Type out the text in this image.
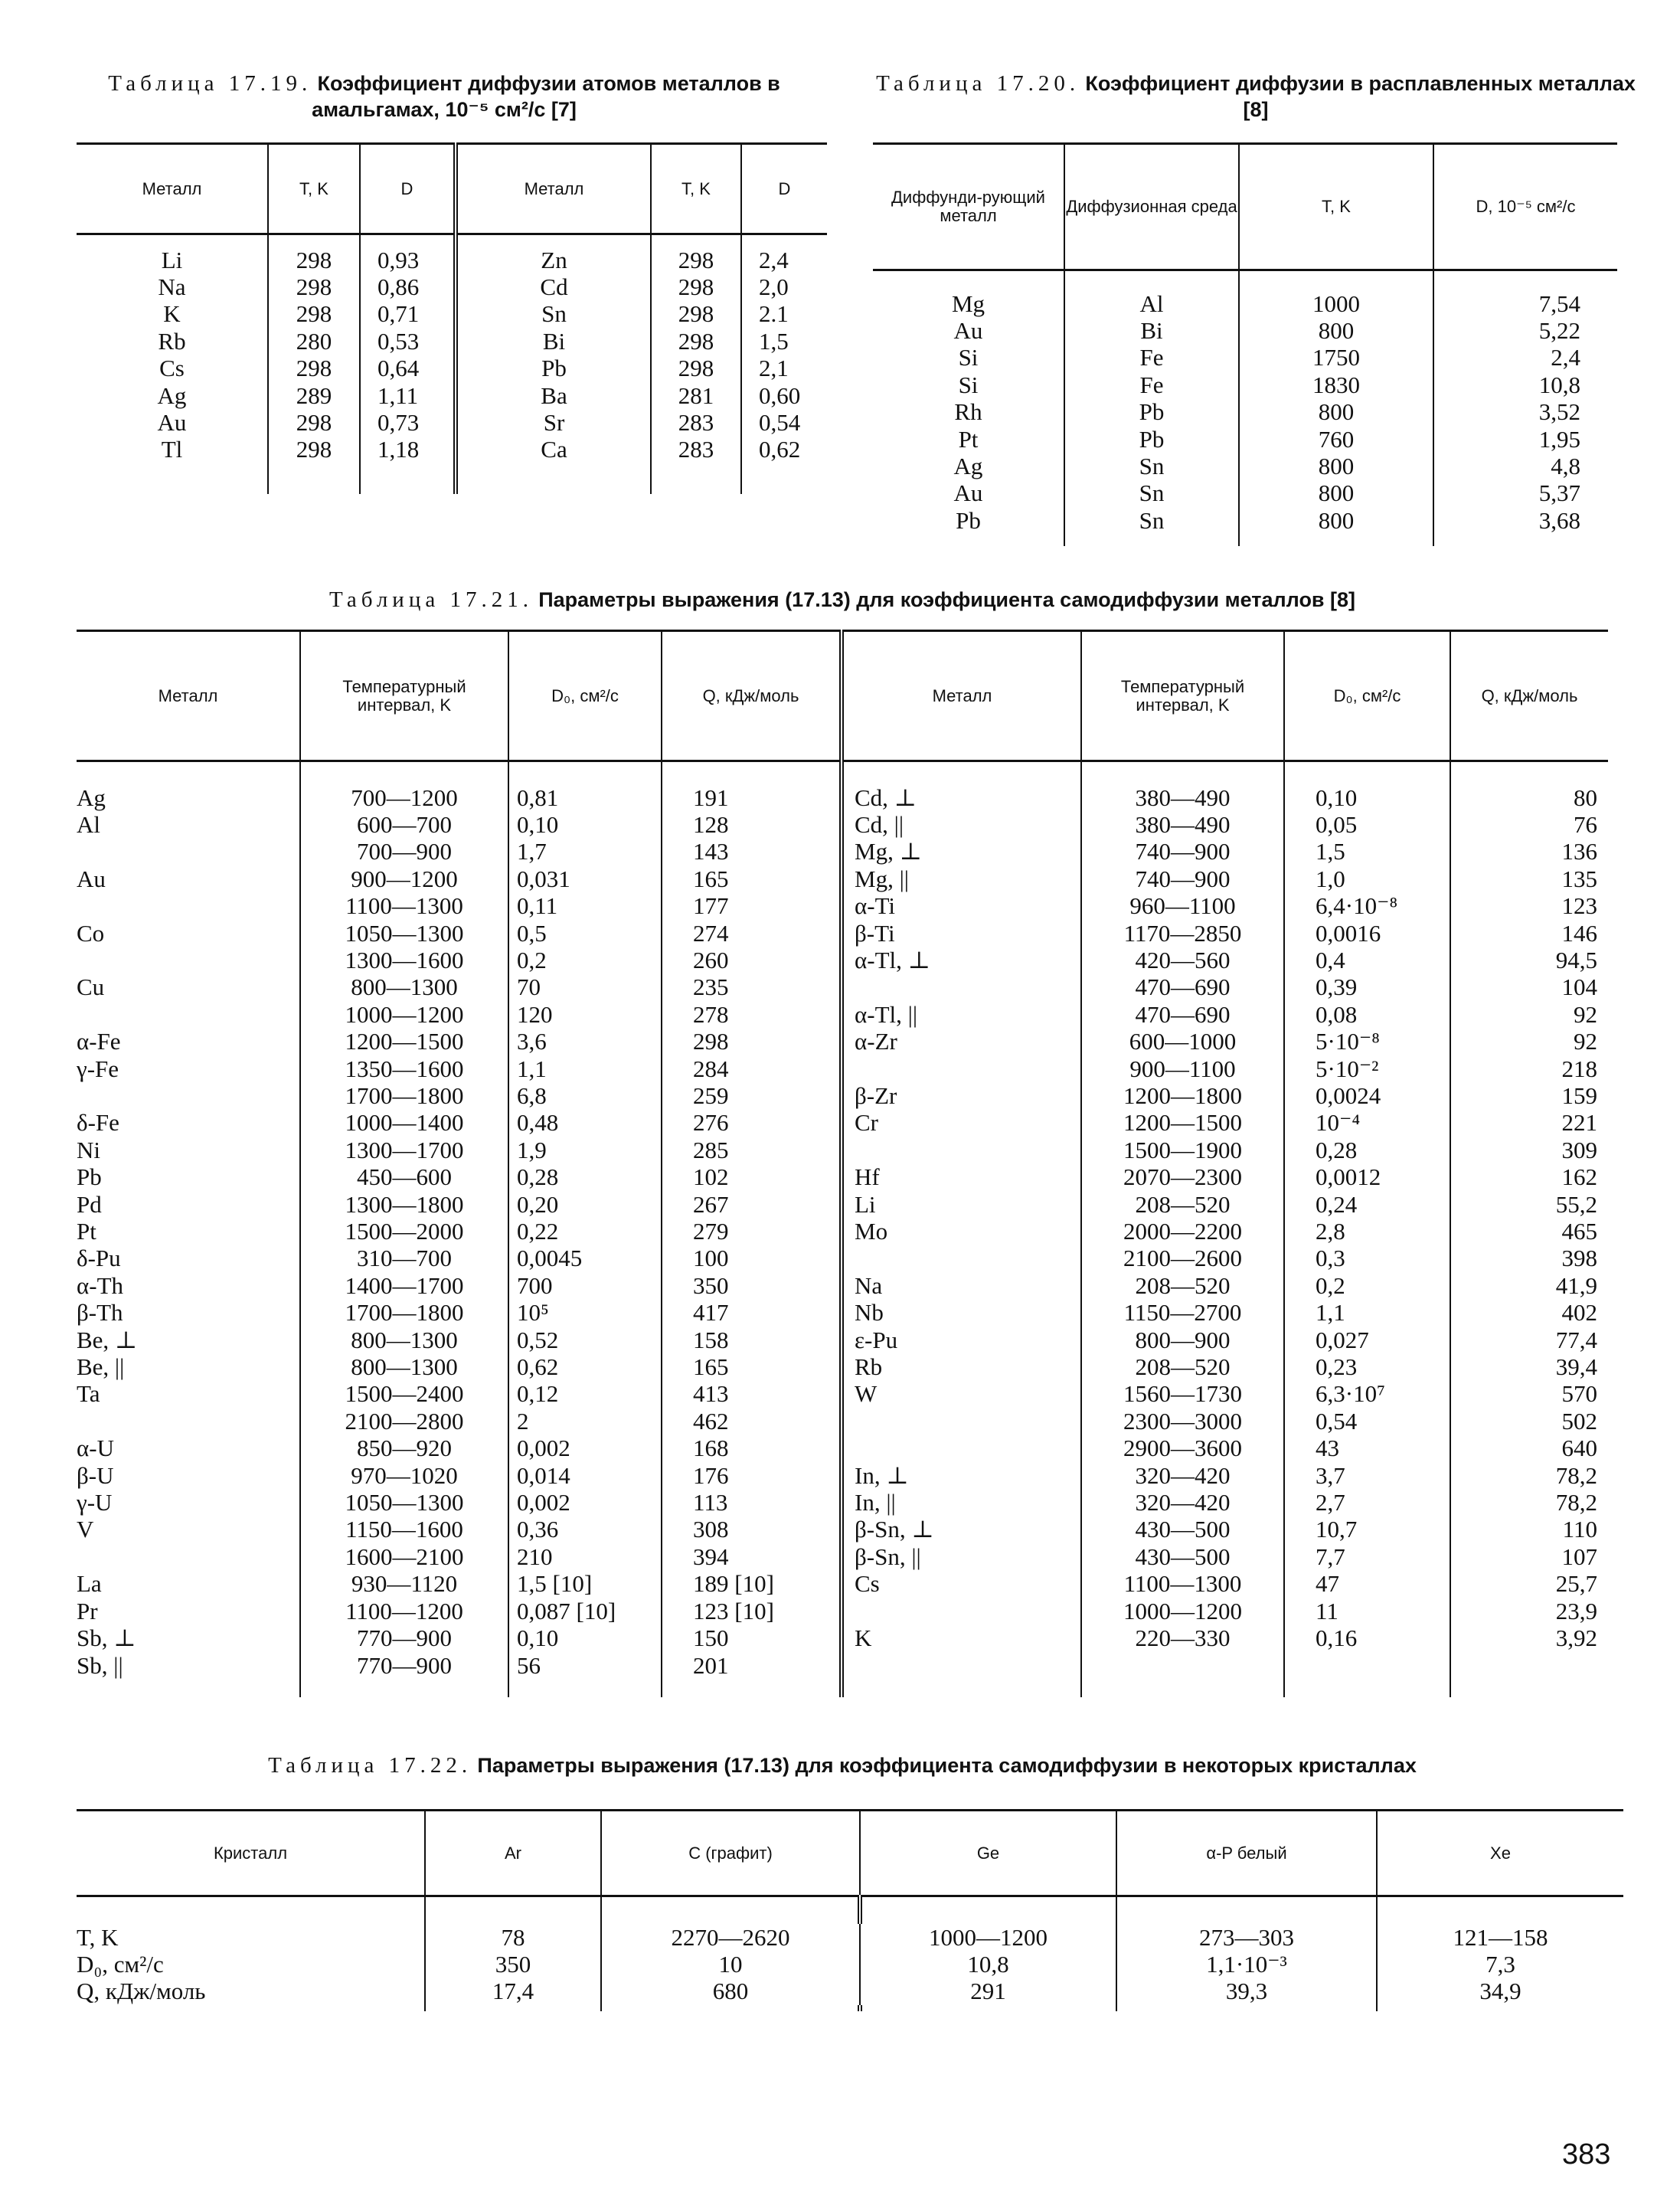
Таблица 17.19. Коэффициент диффузии атомов металлов в амальгамах, 10⁻⁵ см²/с [7]
Металл	T, K	D	Металл	T, K	D

Li	298	0,93	Zn	298	2,4
Na	298	0,86	Cd	298	2,0
K	298	0,71	Sn	298	2.1
Rb	280	0,53	Bi	298	1,5
Cs	298	0,64	Pb	298	2,1
Ag	289	1,11	Ba	281	0,60
Au	298	0,73	Sr	283	0,54
Tl	298	1,18	Ca	283	0,62

Таблица 17.20. Коэффициент диффузии в расплавленных металлах [8]
Диффунди-рующий металл	Диффузионная среда	T, K	D, 10⁻⁵ см²/с

Mg	Al	1000	7,54
Au	Bi	800	5,22
Si	Fe	1750	2,4
Si	Fe	1830	10,8
Rh	Pb	800	3,52
Pt	Pb	760	1,95
Ag	Sn	800	4,8
Au	Sn	800	5,37
Pb	Sn	800	3,68

Таблица 17.21. Параметры выражения (17.13) для коэффициента самодиффузии металлов [8]
Металл	Температурный интервал, K	D₀, см²/с	Q, кДж/моль	Металл	Температурный интервал, K	D₀, см²/с	Q, кДж/моль

Ag	700—1200	0,81	191	Cd, ⊥	380—490	0,10	80
Al	600—700	0,10	128	Cd, ||	380—490	0,05	76
	700—900	1,7	143	Mg, ⊥	740—900	1,5	136
Au	900—1200	0,031	165	Mg, ||	740—900	1,0	135
	1100—1300	0,11	177	α-Ti	960—1100	6,4·10⁻⁸	123
Co	1050—1300	0,5	274	β-Ti	1170—2850	0,0016	146
	1300—1600	0,2	260	α-Tl, ⊥	420—560	0,4	94,5
Cu	800—1300	70	235		470—690	0,39	104
	1000—1200	120	278	α-Tl, ||	470—690	0,08	92
α-Fe	1200—1500	3,6	298	α-Zr	600—1000	5·10⁻⁸	92
γ-Fe	1350—1600	1,1	284		900—1100	5·10⁻²	218
	1700—1800	6,8	259	β-Zr	1200—1800	0,0024	159
δ-Fe	1000—1400	0,48	276	Cr	1200—1500	10⁻⁴	221
Ni	1300—1700	1,9	285		1500—1900	0,28	309
Pb	450—600	0,28	102	Hf	2070—2300	0,0012	162
Pd	1300—1800	0,20	267	Li	208—520	0,24	55,2
Pt	1500—2000	0,22	279	Mo	2000—2200	2,8	465
δ-Pu	310—700	0,0045	100		2100—2600	0,3	398
α-Th	1400—1700	700	350	Na	208—520	0,2	41,9
β-Th	1700—1800	10⁵	417	Nb	1150—2700	1,1	402
Be, ⊥	800—1300	0,52	158	ε-Pu	800—900	0,027	77,4
Be, ||	800—1300	0,62	165	Rb	208—520	0,23	39,4
Ta	1500—2400	0,12	413	W	1560—1730	6,3·10⁷	570
	2100—2800	2	462		2300—3000	0,54	502
α-U	850—920	0,002	168		2900—3600	43	640
β-U	970—1020	0,014	176	In, ⊥	320—420	3,7	78,2
γ-U	1050—1300	0,002	113	In, ||	320—420	2,7	78,2
V	1150—1600	0,36	308	β-Sn, ⊥	430—500	10,7	110
	1600—2100	210	394	β-Sn, ||	430—500	7,7	107
La	930—1120	1,5 [10]	189 [10]	Cs	1100—1300	47	25,7
Pr	1100—1200	0,087 [10]	123 [10]		1000—1200	11	23,9
Sb, ⊥	770—900	0,10	150	K	220—330	0,16	3,92
Sb, ||	770—900	56	201				

Таблица 17.22. Параметры выражения (17.13) для коэффициента самодиффузии в некоторых кристаллах
Кристалл	Ar	C (графит)	Ge	α-P белый	Xe

T, K	78	2270—2620	1000—1200	273—303	121—158
D₀, см²/с	350	10	10,8	1,1·10⁻³	7,3
Q, кДж/моль	17,4	680	291	39,3	34,9

383
